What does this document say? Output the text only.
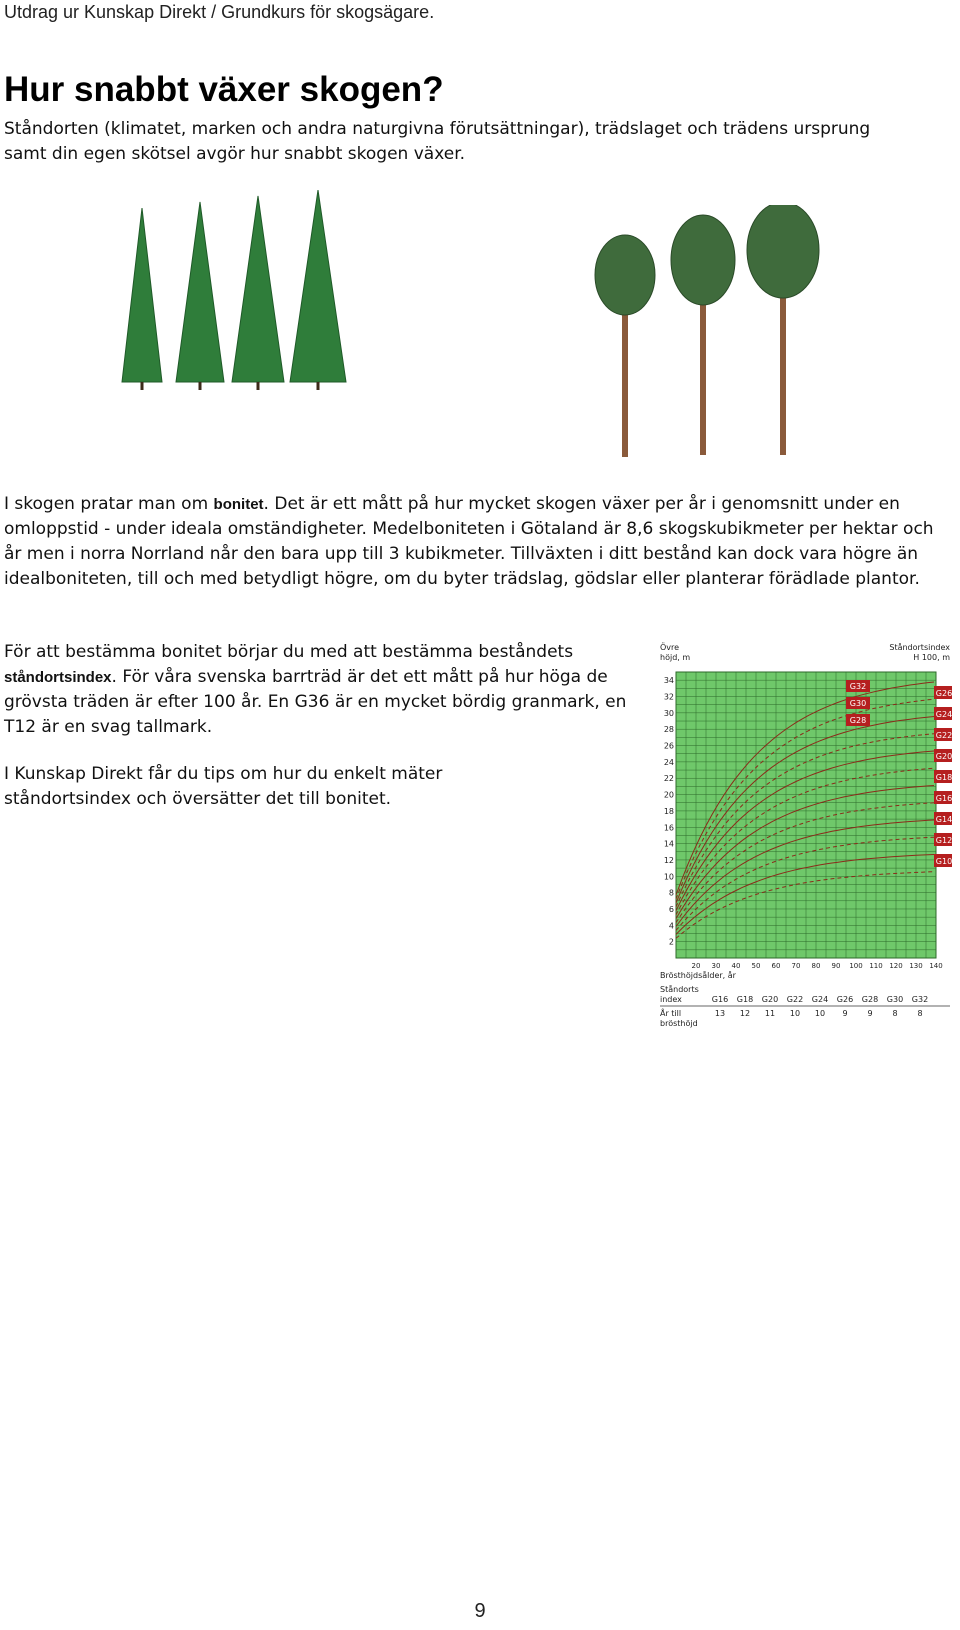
Utdrag ur Kunskap Direkt / Grundkurs för skogsägare.
Hur snabbt växer skogen?

Ståndorten (klimatet, marken och andra naturgivna förutsättningar), trädslaget och trädens ursprung samt din egen skötsel avgör hur snabbt skogen växer.

I skogen pratar man om bonitet. Det är ett mått på hur mycket skogen växer per år i genomsnitt under en omloppstid - under ideala omständigheter. Medelboniteten i Götaland är 8,6 skogskubikmeter per hektar och år men i norra Norrland når den bara upp till 3 kubikmeter. Tillväxten i ditt bestånd kan dock vara högre än idealboniteten, till och med betydligt högre, om du byter trädslag, gödslar eller planterar förädlade plantor.

För att bestämma bonitet börjar du med att bestämma beståndets ståndortsindex. För våra svenska barrträd är det ett mått på hur höga de grövsta träden är efter 100 år. En G36 är en mycket bördig granmark, en T12 är en svag tallmark.

I Kunskap Direkt får du tips om hur du enkelt mäter ståndortsindex och översätter det till bonitet.

Övre
höjd, m
Ståndortsindex
H 100, m
2
4
6
8
10
12
14
16
18
20
22
24
26
28
30
32
34
20 30 40 50 60 70 80 90 100 110 120 130 140
Brösthöjdsålder, år
G32
G30
G28
G26
G24
G22
G20
G18
G16
G14
G12
G10
Ståndorts
index
År till
brösthöjd
G16
13
G18
12
G20
11
G22
10
G24
10
G26
9
G28
9
G30
8
G32
8
9
